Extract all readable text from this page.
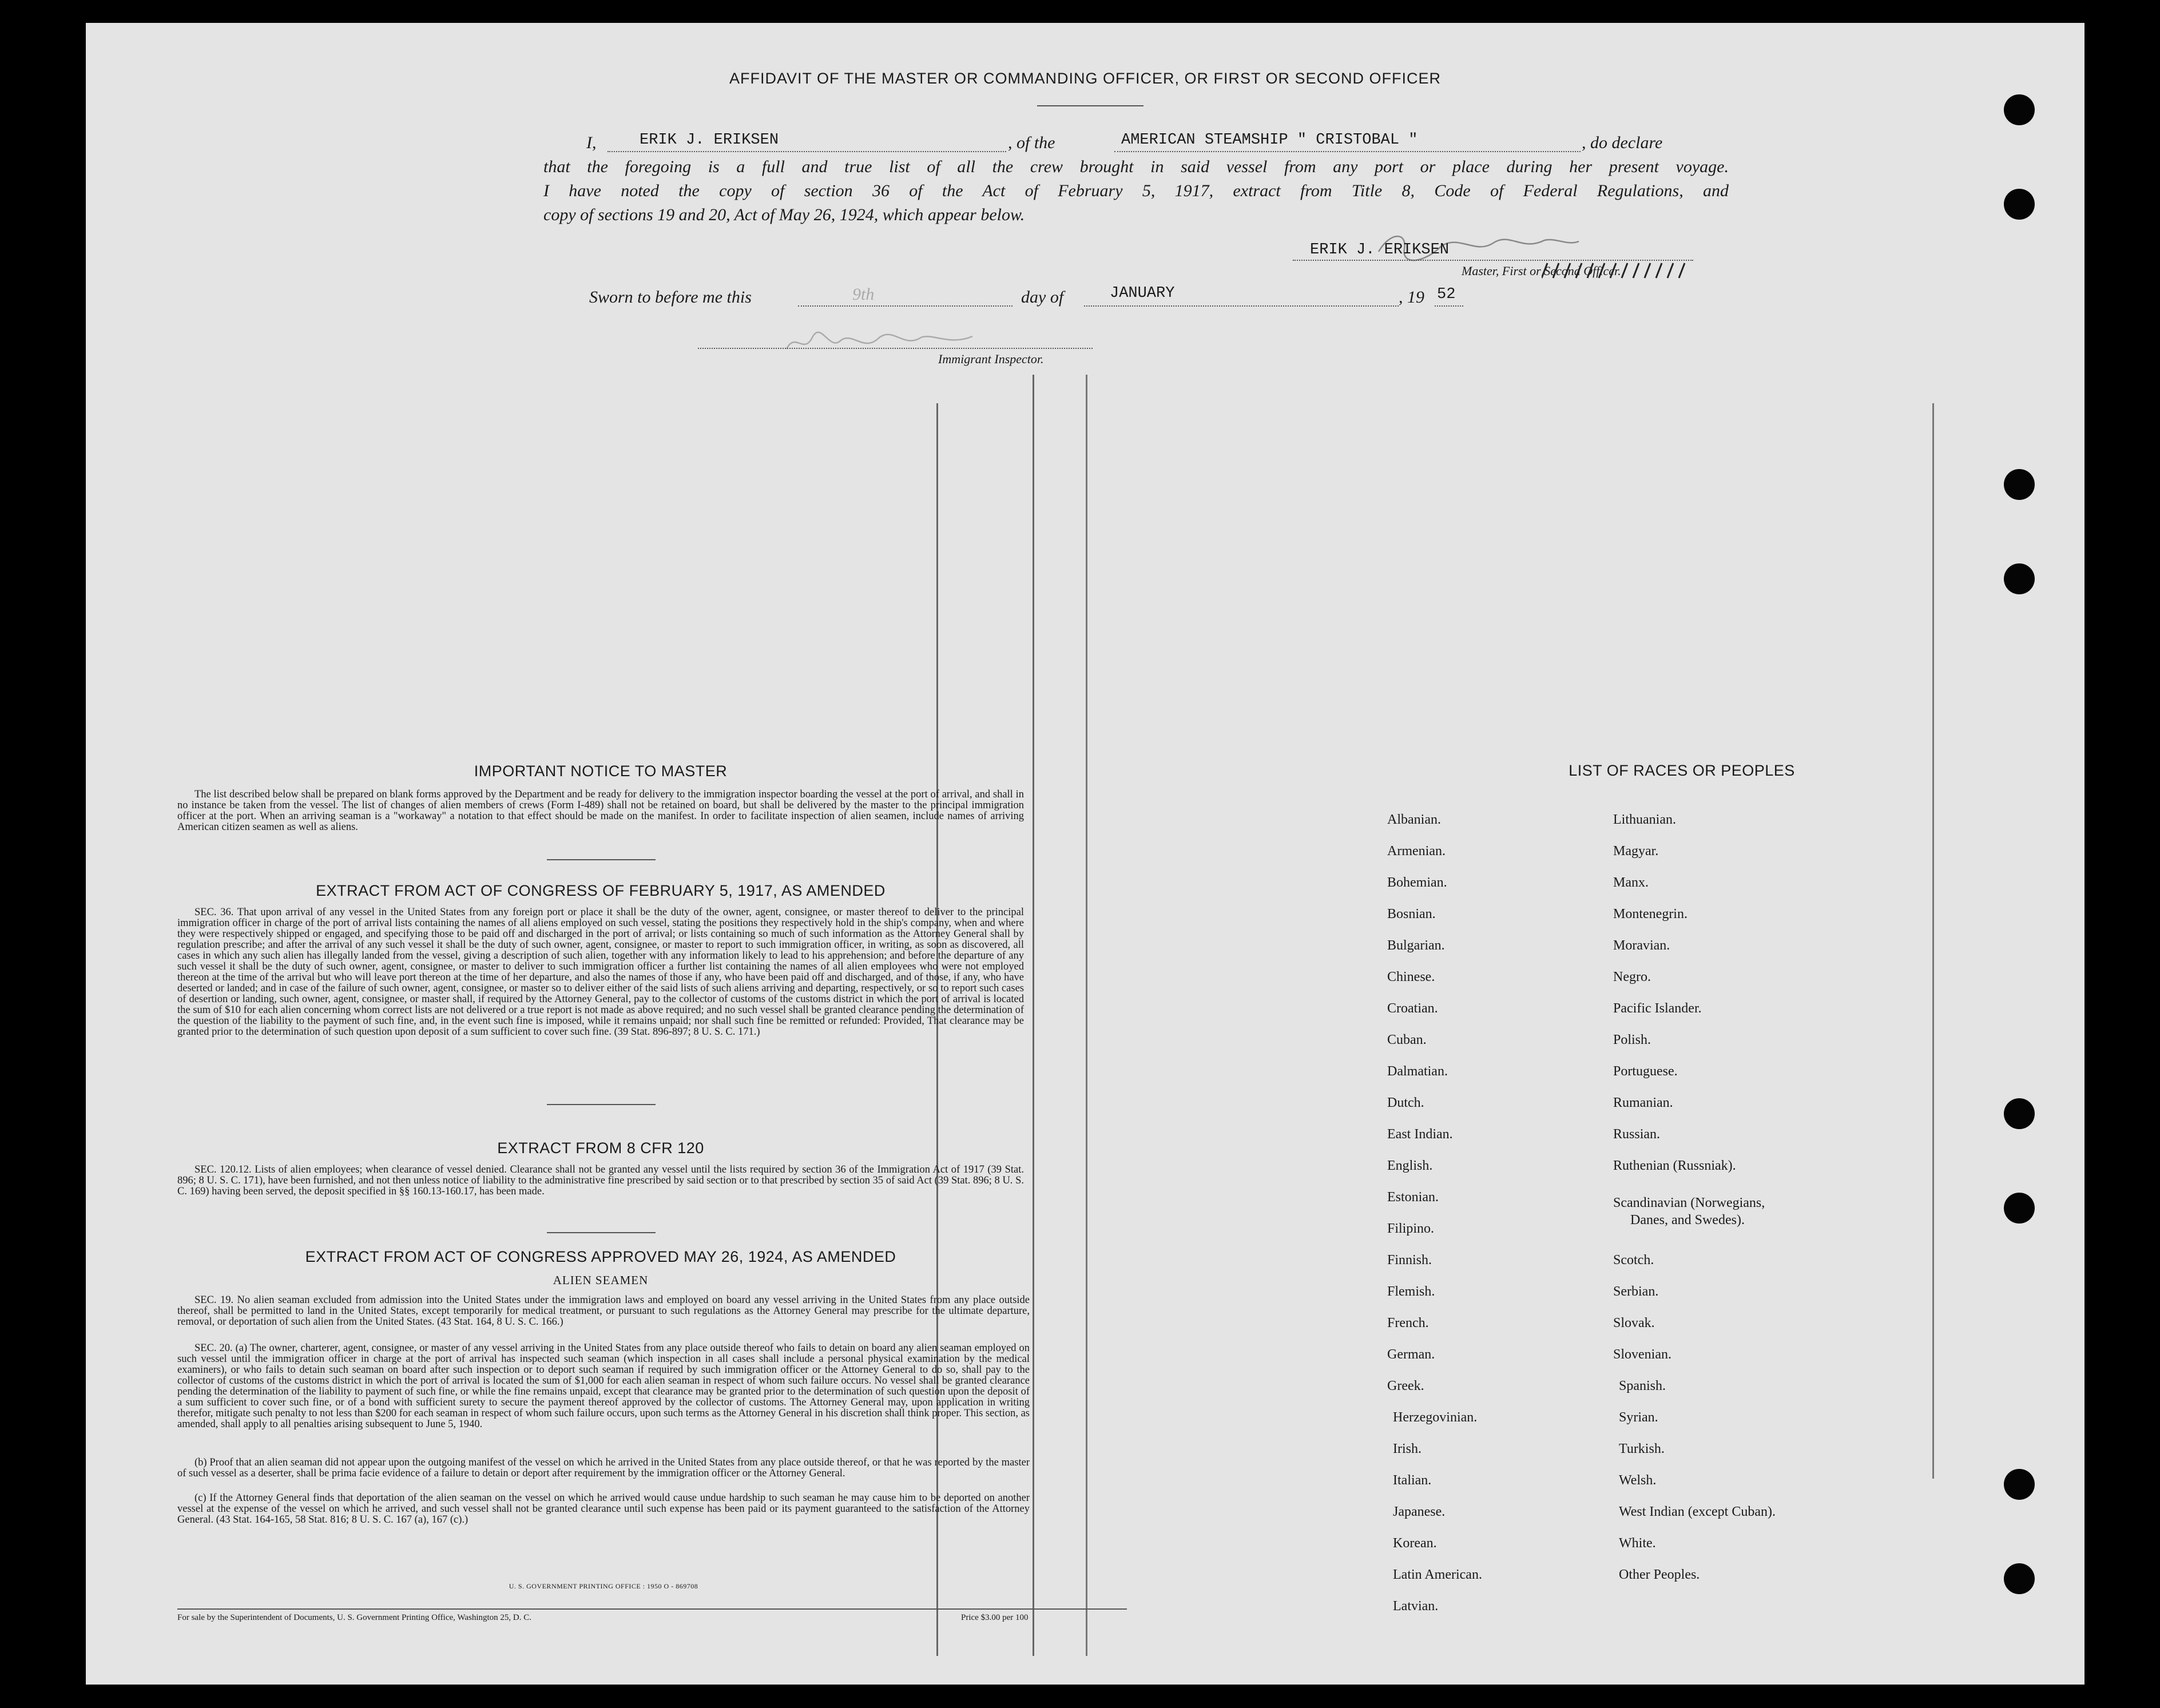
AFFIDAVIT OF THE MASTER OR COMMANDING OFFICER, OR FIRST OR SECOND OFFICER
I,	ERIK J. ERIKSEN	, of the	AMERICAN STEAMSHIP " CRISTOBAL "	, do declare
that the foregoing is a full and true list of all the crew brought in said vessel from any port or place during her present voyage.
I have noted the copy of section 36 of the Act of February 5, 1917, extract from Title 8, Code of Federal Regulations, and
copy of sections 19 and 20, Act of May 26, 1924, which appear below.
ERIK J. ERIKSEN
Master, First or Second Officer.
Sworn to before me this	9th	day of	JANUARY	, 19 52
Immigrant Inspector.
IMPORTANT NOTICE TO MASTER
The list described below shall be prepared on blank forms approved by the Department and be ready for delivery to the immigration inspector boarding the vessel at the port of arrival, and shall in no instance be taken from the vessel. The list of changes of alien members of crews (Form I-489) shall not be retained on board, but shall be delivered by the master to the principal immigration officer at the port. When an arriving seaman is a "workaway" a notation to that effect should be made on the manifest. In order to facilitate inspection of alien seamen, include names of arriving American citizen seamen as well as aliens.
EXTRACT FROM ACT OF CONGRESS OF FEBRUARY 5, 1917, AS AMENDED
SEC. 36. That upon arrival of any vessel in the United States from any foreign port or place it shall be the duty of the owner, agent, consignee, or master thereof to deliver to the principal immigration officer in charge of the port of arrival lists containing the names of all aliens employed on such vessel, stating the positions they respectively hold in the ship's company, when and where they were respectively shipped or engaged, and specifying those to be paid off and discharged in the port of arrival; or lists containing so much of such information as the Attorney General shall by regulation prescribe; and after the arrival of any such vessel it shall be the duty of such owner, agent, consignee, or master to report to such immigration officer, in writing, as soon as discovered, all cases in which any such alien has illegally landed from the vessel, giving a description of such alien, together with any information likely to lead to his apprehension; and before the departure of any such vessel it shall be the duty of such owner, agent, consignee, or master to deliver to such immigration officer a further list containing the names of all alien employees who were not employed thereon at the time of the arrival but who will leave port thereon at the time of her departure, and also the names of those if any, who have been paid off and discharged, and of those, if any, who have deserted or landed; and in case of the failure of such owner, agent, consignee, or master so to deliver either of the said lists of such aliens arriving and departing, respectively, or so to report such cases of desertion or landing, such owner, agent, consignee, or master shall, if required by the Attorney General, pay to the collector of customs of the customs district in which the port of arrival is located the sum of $10 for each alien concerning whom correct lists are not delivered or a true report is not made as above required; and no such vessel shall be granted clearance pending the determination of the question of the liability to the payment of such fine, and, in the event such fine is imposed, while it remains unpaid; nor shall such fine be remitted or refunded: Provided, That clearance may be granted prior to the determination of such question upon deposit of a sum sufficient to cover such fine. (39 Stat. 896-897; 8 U. S. C. 171.)
EXTRACT FROM 8 CFR 120
SEC. 120.12. Lists of alien employees; when clearance of vessel denied. Clearance shall not be granted any vessel until the lists required by section 36 of the Immigration Act of 1917 (39 Stat. 896; 8 U. S. C. 171), have been furnished, and not then unless notice of liability to the administrative fine prescribed by said section or to that prescribed by section 35 of said Act (39 Stat. 896; 8 U. S. C. 169) having been served, the deposit specified in §§ 160.13-160.17, has been made.
EXTRACT FROM ACT OF CONGRESS APPROVED MAY 26, 1924, AS AMENDED
ALIEN SEAMEN
SEC. 19. No alien seaman excluded from admission into the United States under the immigration laws and employed on board any vessel arriving in the United States from any place outside thereof, shall be permitted to land in the United States, except temporarily for medical treatment, or pursuant to such regulations as the Attorney General may prescribe for the ultimate departure, removal, or deportation of such alien from the United States. (43 Stat. 164, 8 U. S. C. 166.)
SEC. 20. (a) The owner, charterer, agent, consignee, or master of any vessel arriving in the United States from any place outside thereof who fails to detain on board any alien seaman employed on such vessel until the immigration officer in charge at the port of arrival has inspected such seaman (which inspection in all cases shall include a personal physical examination by the medical examiners), or who fails to detain such seaman on board after such inspection or to deport such seaman if required by such immigration officer or the Attorney General to do so, shall pay to the collector of customs of the customs district in which the port of arrival is located the sum of $1,000 for each alien seaman in respect of whom such failure occurs. No vessel shall be granted clearance pending the determination of the liability to payment of such fine, or while the fine remains unpaid, except that clearance may be granted prior to the determination of such question upon the deposit of a sum sufficient to cover such fine, or of a bond with sufficient surety to secure the payment thereof approved by the collector of customs. The Attorney General may, upon application in writing therefor, mitigate such penalty to not less than $200 for each seaman in respect of whom such failure occurs, upon such terms as the Attorney General in his discretion shall think proper. This section, as amended, shall apply to all penalties arising subsequent to June 5, 1940.
(b) Proof that an alien seaman did not appear upon the outgoing manifest of the vessel on which he arrived in the United States from any place outside thereof, or that he was reported by the master of such vessel as a deserter, shall be prima facie evidence of a failure to detain or deport after requirement by the immigration officer or the Attorney General.
(c) If the Attorney General finds that deportation of the alien seaman on the vessel on which he arrived would cause undue hardship to such seaman he may cause him to be deported on another vessel at the expense of the vessel on which he arrived, and such vessel shall not be granted clearance until such expense has been paid or its payment guaranteed to the satisfaction of the Attorney General. (43 Stat. 164-165, 58 Stat. 816; 8 U. S. C. 167 (a), 167 (c).)
U. S. GOVERNMENT PRINTING OFFICE : 1950 O - 869708
For sale by the Superintendent of Documents, U. S. Government Printing Office, Washington 25, D. C.	Price $3.00 per 100
LIST OF RACES OR PEOPLES
Albanian.
Armenian.
Bohemian.
Bosnian.
Bulgarian.
Chinese.
Croatian.
Cuban.
Dalmatian.
Dutch.
East Indian.
English.
Estonian.
Filipino.
Finnish.
Flemish.
French.
German.
Greek.
Herzegovinian.
Irish.
Italian.
Japanese.
Korean.
Latin American.
Latvian.
Lithuanian.
Magyar.
Manx.
Montenegrin.
Moravian.
Negro.
Pacific Islander.
Polish.
Portuguese.
Rumanian.
Russian.
Ruthenian (Russniak).
Scandinavian (Norwegians,
Danes, and Swedes).
Scotch.
Serbian.
Slovak.
Slovenian.
Spanish.
Syrian.
Turkish.
Welsh.
West Indian (except Cuban).
White.
Other Peoples.
